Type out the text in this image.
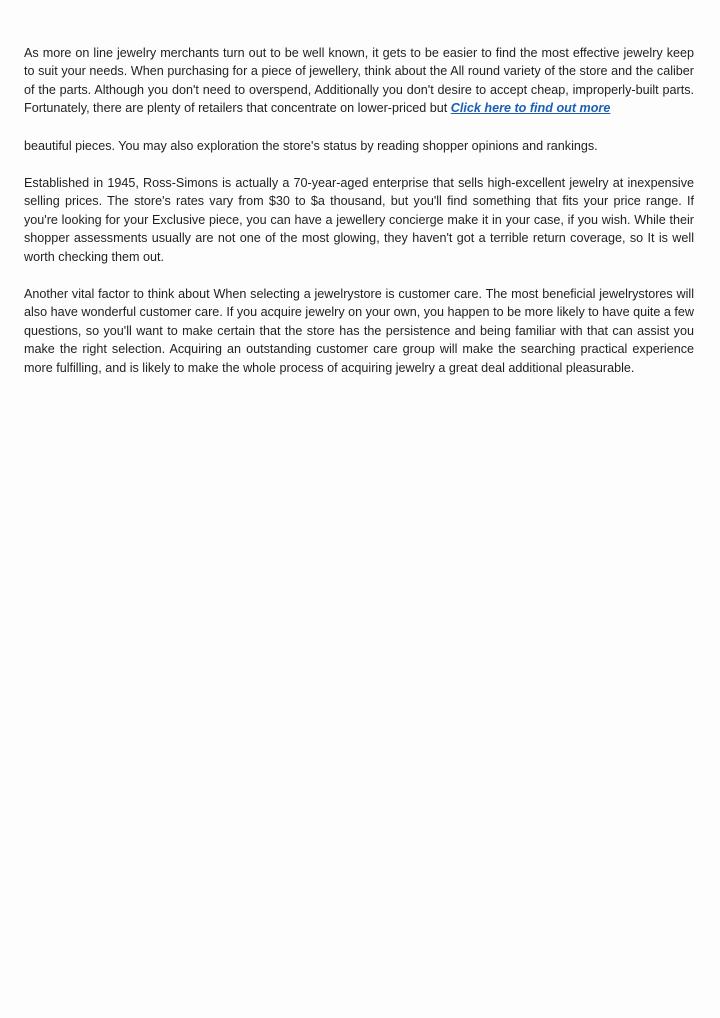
As more on line jewelry merchants turn out to be well known, it gets to be easier to find the most effective jewelry keep to suit your needs. When purchasing for a piece of jewellery, think about the All round variety of the store and the caliber of the parts. Although you don't need to overspend, Additionally you don't desire to accept cheap, improperly-built parts. Fortunately, there are plenty of retailers that concentrate on lower-priced but Click here to find out more

beautiful pieces. You may also exploration the store's status by reading shopper opinions and rankings.

Established in 1945, Ross-Simons is actually a 70-year-aged enterprise that sells high-excellent jewelry at inexpensive selling prices. The store's rates vary from $30 to $a thousand, but you'll find something that fits your price range. If you're looking for your Exclusive piece, you can have a jewellery concierge make it in your case, if you wish. While their shopper assessments usually are not one of the most glowing, they haven't got a terrible return coverage, so It is well worth checking them out.

Another vital factor to think about When selecting a jewelrystore is customer care. The most beneficial jewelrystores will also have wonderful customer care. If you acquire jewelry on your own, you happen to be more likely to have quite a few questions, so you'll want to make certain that the store has the persistence and being familiar with that can assist you make the right selection. Acquiring an outstanding customer care group will make the searching practical experience more fulfilling, and is likely to make the whole process of acquiring jewelry a great deal additional pleasurable.
